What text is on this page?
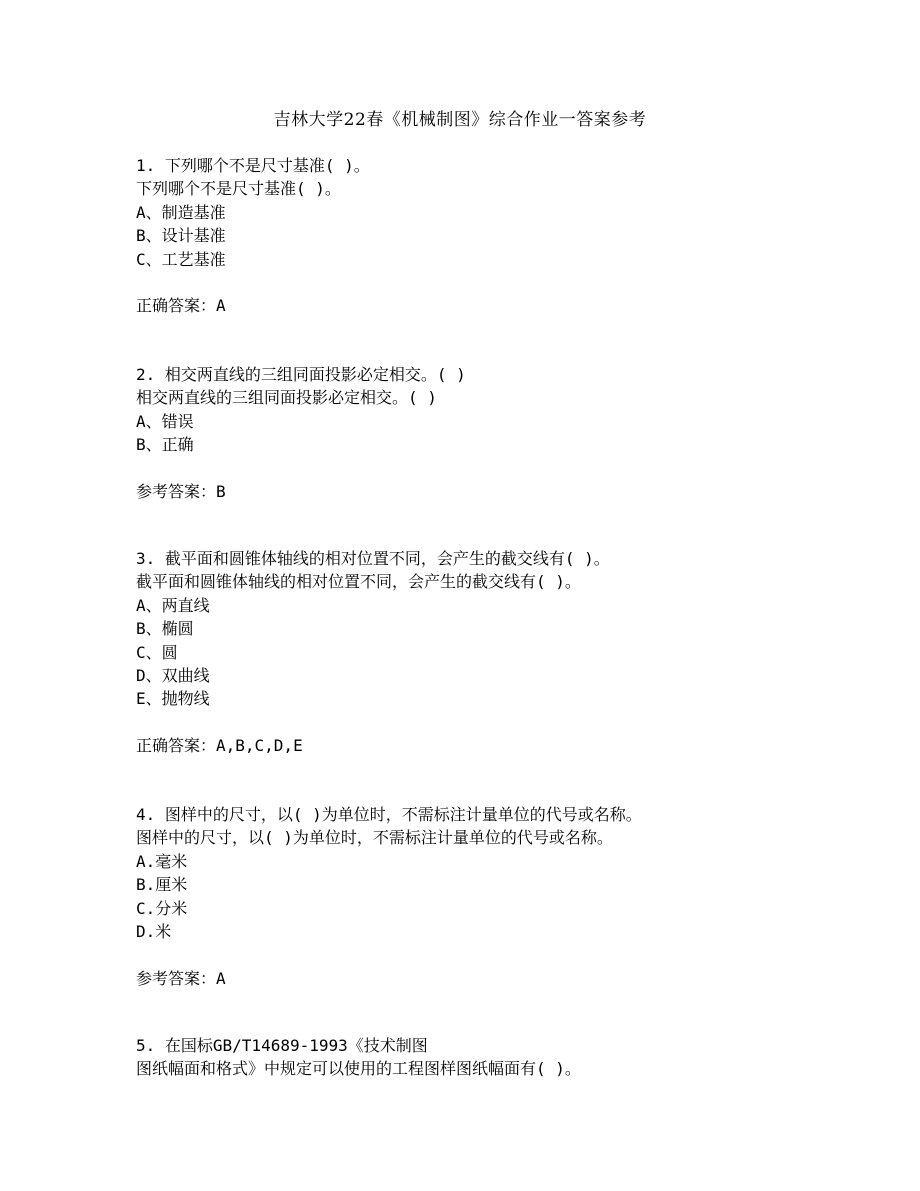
吉林大学22春《机械制图》综合作业一答案参考
1. 下列哪个不是尺寸基准( )。
下列哪个不是尺寸基准( )。
A、制造基准
B、设计基准
C、工艺基准
正确答案：A
2. 相交两直线的三组同面投影必定相交。( )
相交两直线的三组同面投影必定相交。( )
A、错误
B、正确
参考答案：B
3. 截平面和圆锥体轴线的相对位置不同，会产生的截交线有( )。
截平面和圆锥体轴线的相对位置不同，会产生的截交线有( )。
A、两直线
B、椭圆
C、圆
D、双曲线
E、抛物线
正确答案：A,B,C,D,E
4. 图样中的尺寸，以( )为单位时，不需标注计量单位的代号或名称。
图样中的尺寸，以( )为单位时，不需标注计量单位的代号或名称。
A.毫米
B.厘米
C.分米
D.米
参考答案：A
5. 在国标GB/T14689-1993《技术制图
图纸幅面和格式》中规定可以使用的工程图样图纸幅面有( )。
